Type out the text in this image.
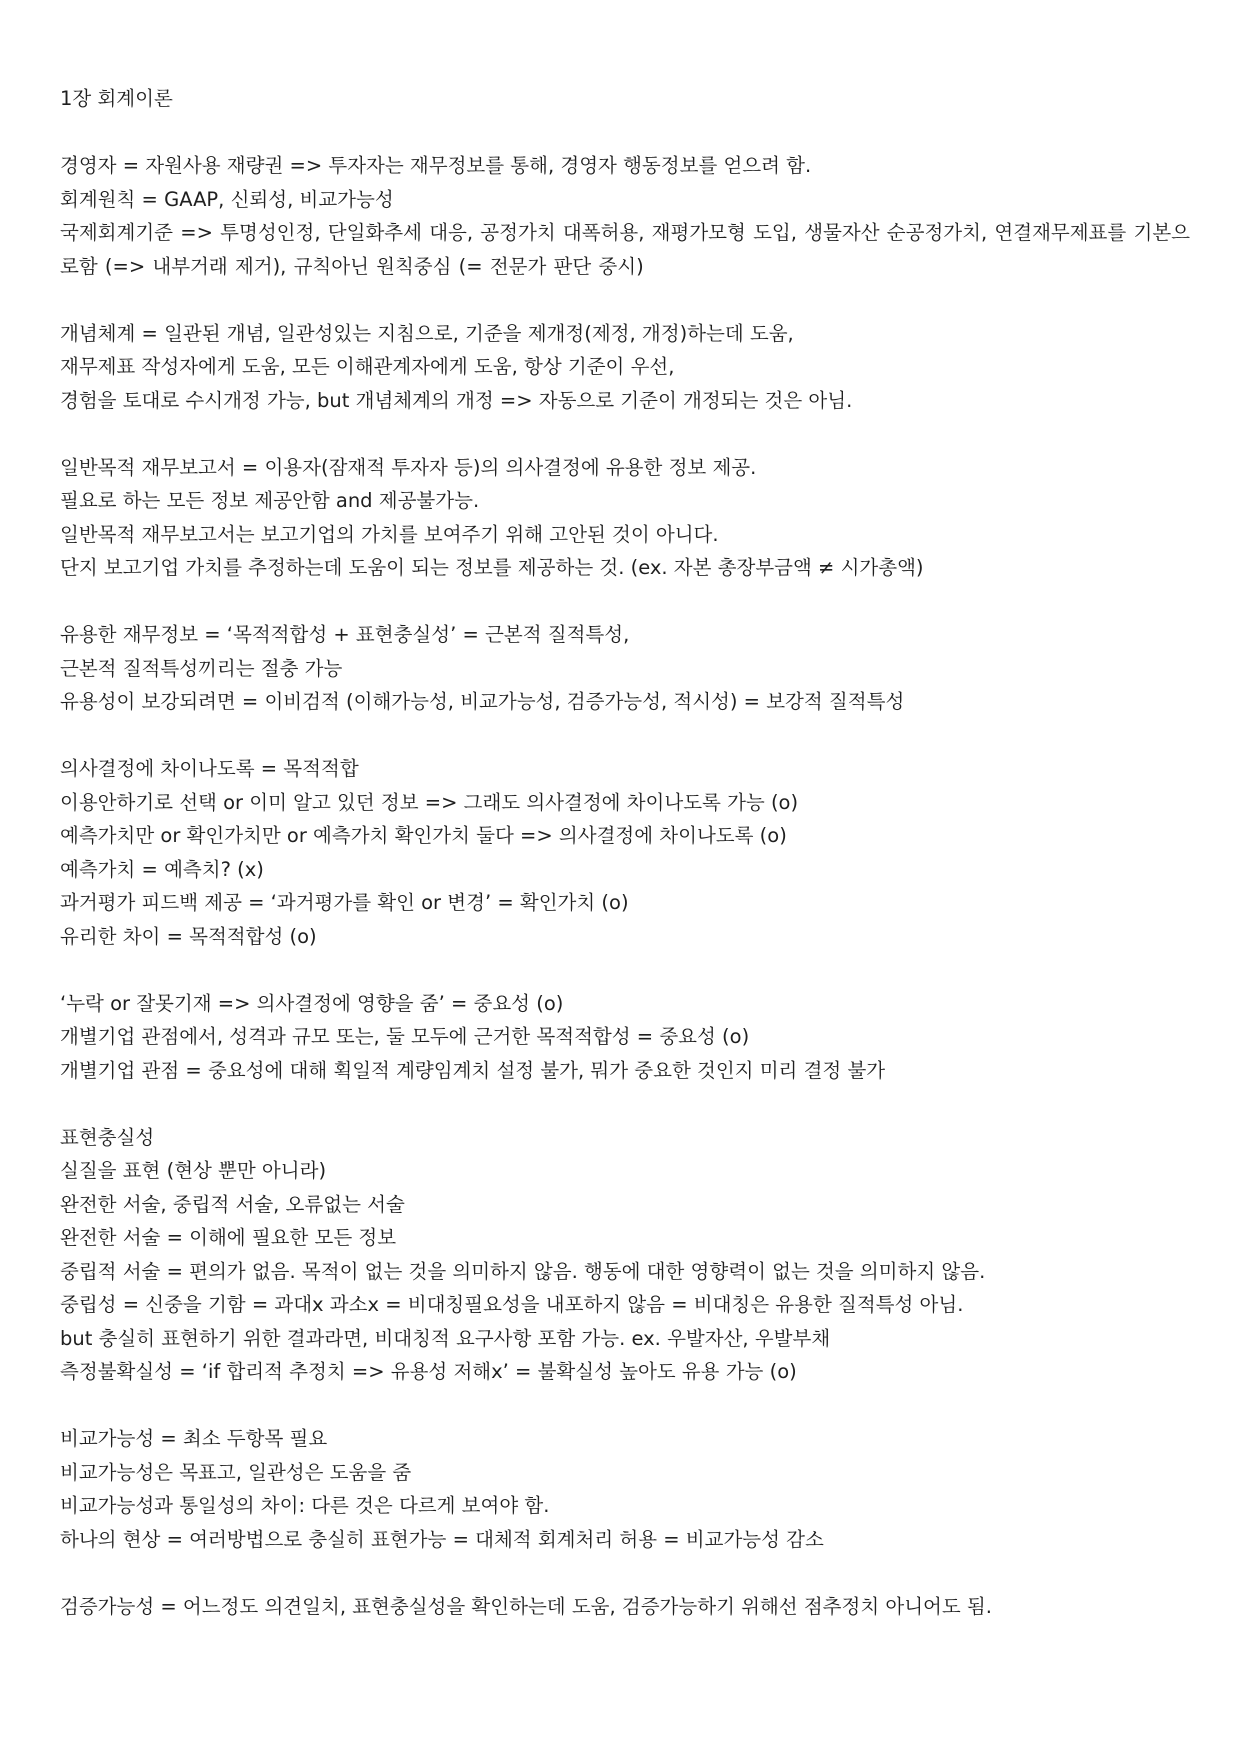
1장 회계이론
경영자 = 자원사용 재량권 => 투자자는 재무정보를 통해, 경영자 행동정보를 얻으려 함.
회계원칙 = GAAP, 신뢰성, 비교가능성
국제회계기준 => 투명성인정, 단일화추세 대응, 공정가치 대폭허용, 재평가모형 도입, 생물자산 순공정가치, 연결재무제표를 기본으로함 (=> 내부거래 제거), 규칙아닌 원칙중심 (= 전문가 판단 중시)
개념체계 = 일관된 개념, 일관성있는 지침으로, 기준을 제개정(제정, 개정)하는데 도움,
재무제표 작성자에게 도움, 모든 이해관계자에게 도움, 항상 기준이 우선,
경험을 토대로 수시개정 가능, but 개념체계의 개정 => 자동으로 기준이 개정되는 것은 아님.
일반목적 재무보고서 = 이용자(잠재적 투자자 등)의 의사결정에 유용한 정보 제공.
필요로 하는 모든 정보 제공안함 and 제공불가능.
일반목적 재무보고서는 보고기업의 가치를 보여주기 위해 고안된 것이 아니다.
단지 보고기업 가치를 추정하는데 도움이 되는 정보를 제공하는 것. (ex. 자본 총장부금액 ≠ 시가총액)
유용한 재무정보 = ‘목적적합성 + 표현충실성’ = 근본적 질적특성,
근본적 질적특성끼리는 절충 가능
유용성이 보강되려면 = 이비검적 (이해가능성, 비교가능성, 검증가능성, 적시성) = 보강적 질적특성
의사결정에 차이나도록 = 목적적합
이용안하기로 선택 or 이미 알고 있던 정보 => 그래도 의사결정에 차이나도록 가능 (o)
예측가치만 or 확인가치만 or 예측가치 확인가치 둘다 => 의사결정에 차이나도록 (o)
예측가치 = 예측치? (x)
과거평가 피드백 제공 = ‘과거평가를 확인 or 변경’ = 확인가치 (o)
유리한 차이 = 목적적합성 (o)
‘누락 or 잘못기재 => 의사결정에 영향을 줌’ = 중요성 (o)
개별기업 관점에서, 성격과 규모 또는, 둘 모두에 근거한 목적적합성 = 중요성 (o)
개별기업 관점 = 중요성에 대해 획일적 계량임계치 설정 불가, 뭐가 중요한 것인지 미리 결정 불가
표현충실성
실질을 표현 (현상 뿐만 아니라)
완전한 서술, 중립적 서술, 오류없는 서술
완전한 서술 = 이해에 필요한 모든 정보
중립적 서술 = 편의가 없음. 목적이 없는 것을 의미하지 않음. 행동에 대한 영향력이 없는 것을 의미하지 않음.
중립성 = 신중을 기함 = 과대x 과소x = 비대칭필요성을 내포하지 않음 = 비대칭은 유용한 질적특성 아님.
but 충실히 표현하기 위한 결과라면, 비대칭적 요구사항 포함 가능. ex. 우발자산, 우발부채
측정불확실성 = ‘if 합리적 추정치 => 유용성 저해x’ = 불확실성 높아도 유용 가능 (o)
비교가능성 = 최소 두항목 필요
비교가능성은 목표고, 일관성은 도움을 줌
비교가능성과 통일성의 차이: 다른 것은 다르게 보여야 함.
하나의 현상 = 여러방법으로 충실히 표현가능 = 대체적 회계처리 허용 = 비교가능성 감소
검증가능성 = 어느정도 의견일치, 표현충실성을 확인하는데 도움, 검증가능하기 위해선 점추정치 아니어도 됨.
